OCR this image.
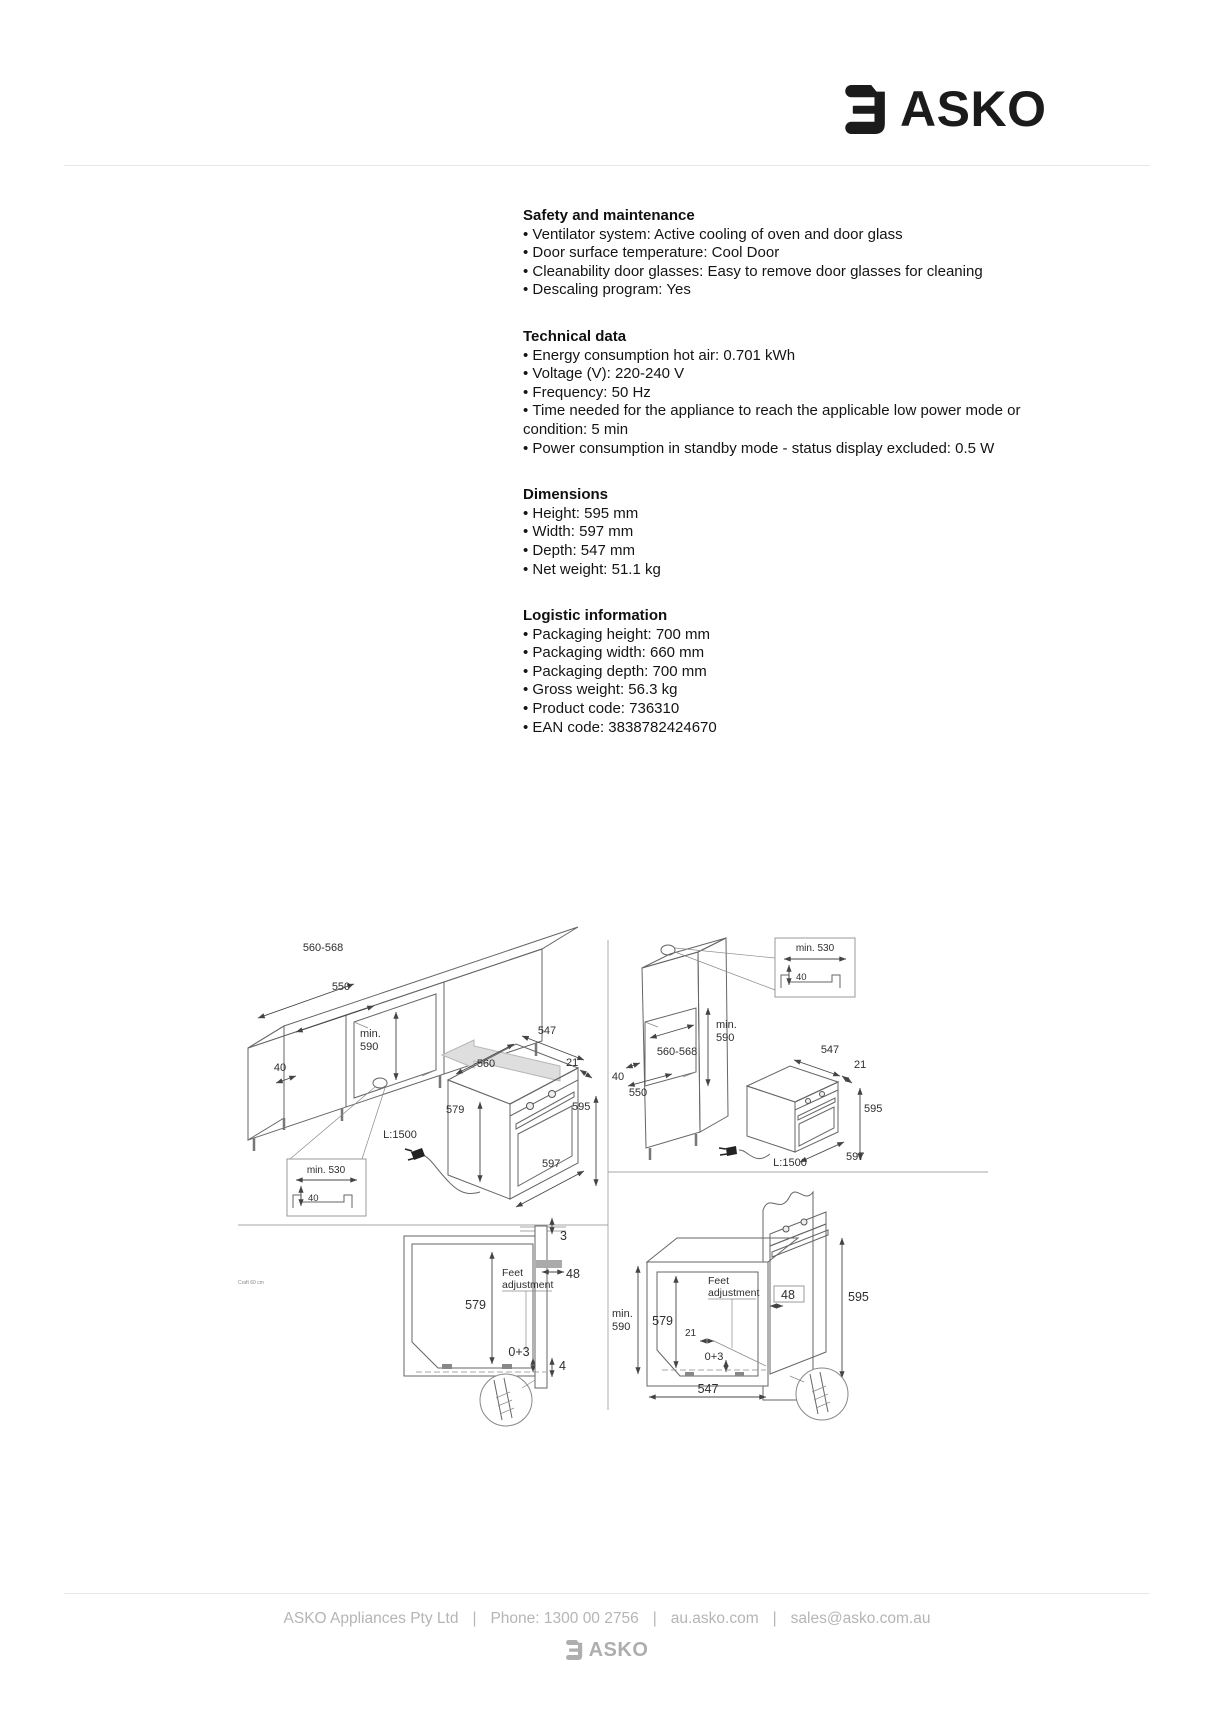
ASKO
Safety and maintenance
• Ventilator system: Active cooling of oven and door glass
• Door surface temperature: Cool Door
• Cleanability door glasses: Easy to remove door glasses for cleaning
• Descaling program: Yes
Technical data
• Energy consumption hot air: 0.701 kWh
• Voltage (V): 220-240 V
• Frequency: 50 Hz
• Time needed for the appliance to reach the applicable low power mode or condition: 5 min
• Power consumption in standby mode - status display excluded: 0.5 W
Dimensions
• Height: 595 mm
• Width: 597 mm
• Depth: 547 mm
• Net weight: 51.1 kg
Logistic information
• Packaging height: 700 mm
• Packaging width: 660 mm
• Packaging depth: 700 mm
• Gross weight: 56.3 kg
• Product code: 736310
• EAN code: 3838782424670
560-568
550
min.
590
40	560
547
21
579	595
597
L:1500
min. 530
40
min. 530
40
min.
590
560-568
40
550
547
21
595
597
L:1500
3
48
579
Feet
adjustment
0+3
4
Craft 60 cm
min.
590 579
Feet
adjustment 48	595
21
0+3
547
ASKO Appliances Pty Ltd | Phone: 1300 00 2756 | au.asko.com | sales@asko.com.au
ASKO
